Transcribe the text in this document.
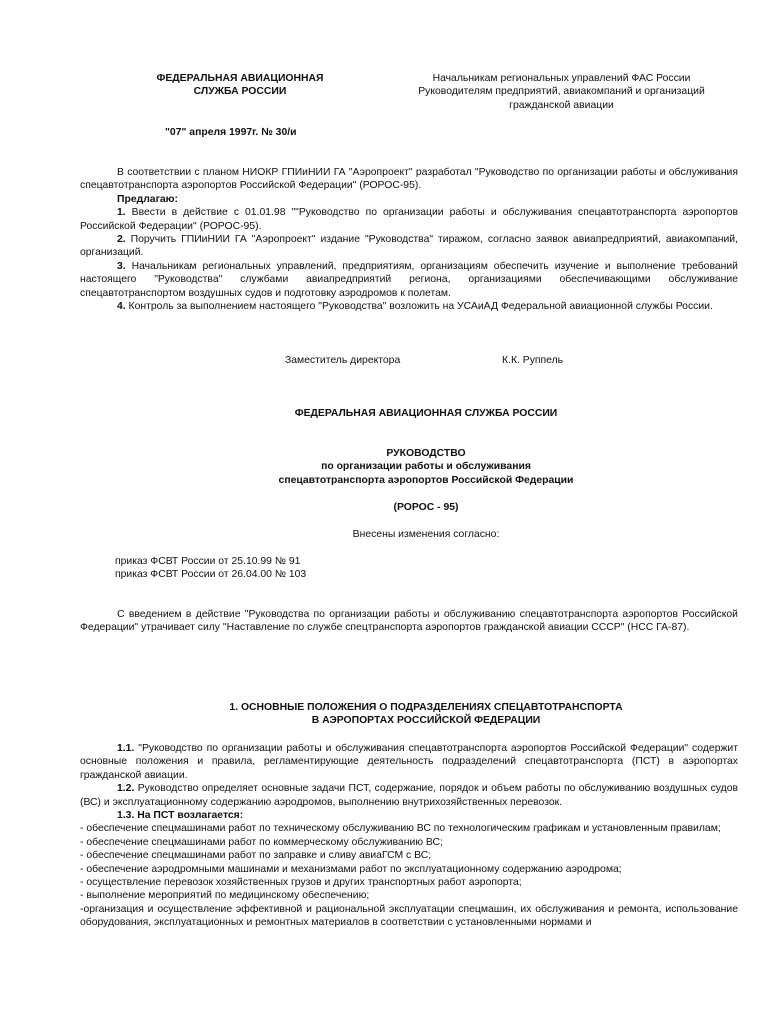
ФЕДЕРАЛЬНАЯ АВИАЦИОННАЯ
СЛУЖБА РОССИИ
Начальникам региональных управлений ФАС России
Руководителям предприятий, авиакомпаний и организаций
гражданской авиации
"07" апреля 1997г. № 30/и

В соответствии с планом НИОКР ГПИиНИИ ГА "Аэропроект" разработал "Руководство по организации работы и обслуживания спецавтотранспорта аэропортов Российской Федерации" (РОРОС-95).

Предлагаю:

1. Ввести в действие с 01.01.98 ""Руководство по организации работы и обслуживания спецавтотранспорта аэропортов Российской Федерации" (РОРОС-95).

2. Поручить ГПИиНИИ ГА "Аэропроект" издание "Руководства" тиражом, согласно заявок авиапредприятий, авиакомпаний, организаций.

3. Начальникам региональных управлений, предприятиям, организациям обеспечить изучение и выполнение требований настоящего "Руководства" службами авиапредприятий региона, организациями обеспечивающими обслуживание спецавтотранспортом воздушных судов и подготовку аэродромов к полетам.

4. Контроль за выполнением настоящего "Руководства" возложить на УСАиАД Федеральной авиационной службы России.

Заместитель директора	К.К. Руппель
ФЕДЕРАЛЬНАЯ АВИАЦИОННАЯ СЛУЖБА РОССИИ
РУКОВОДСТВО
по организации работы и обслуживания
спецавтотранспорта аэропортов Российской Федерации
(РОРОС - 95)
Внесены изменения согласно:

приказ ФСВТ России от 25.10.99 № 91

приказ ФСВТ России от 26.04.00 № 103

С введением в действие "Руководства по организации работы и обслуживанию спецавтотранспорта аэропортов Российской Федерации" утрачивает силу "Наставление по службе спецтранспорта аэропортов гражданской авиации СССР" (НСС ГА-87).

1. ОСНОВНЫЕ ПОЛОЖЕНИЯ О ПОДРАЗДЕЛЕНИЯХ СПЕЦАВТОТРАНСПОРТА
В АЭРОПОРТАХ РОССИЙСКОЙ ФЕДЕРАЦИИ

1.1. "Руководство по организации работы и обслуживания спецавтотранспорта аэропортов Российской Федерации" содержит основные положения и правила, регламентирующие деятельность подразделений спецавтотранспорта (ПСТ) в аэропортах гражданской авиации.

1.2. Руководство определяет основные задачи ПСТ, содержание, порядок и объем работы по обслуживанию воздушных судов (ВС) и эксплуатационному содержанию аэродромов, выполнению внутрихозяйственных перевозок.

1.3. На ПСТ возлагается:

- обеспечение спецмашинами работ по техническому обслуживанию ВС по технологическим графикам и установленным правилам;

- обеспечение спецмашинами работ по коммерческому обслуживанию ВС;

- обеспечение спецмашинами работ по заправке и сливу авиаГСМ с ВС;

- обеспечение аэродромными машинами и механизмами работ по эксплуатационному содержанию аэродрома;

- осуществление перевозок хозяйственных грузов и других транспортных работ аэропорта;

- выполнение мероприятий по медицинскому обеспечению;

-организация и осуществление эффективной и рациональной эксплуатации спецмашин, их обслуживания и ремонта, использование оборудования, эксплуатационных и ремонтных материалов в соответствии с установленными нормами и
